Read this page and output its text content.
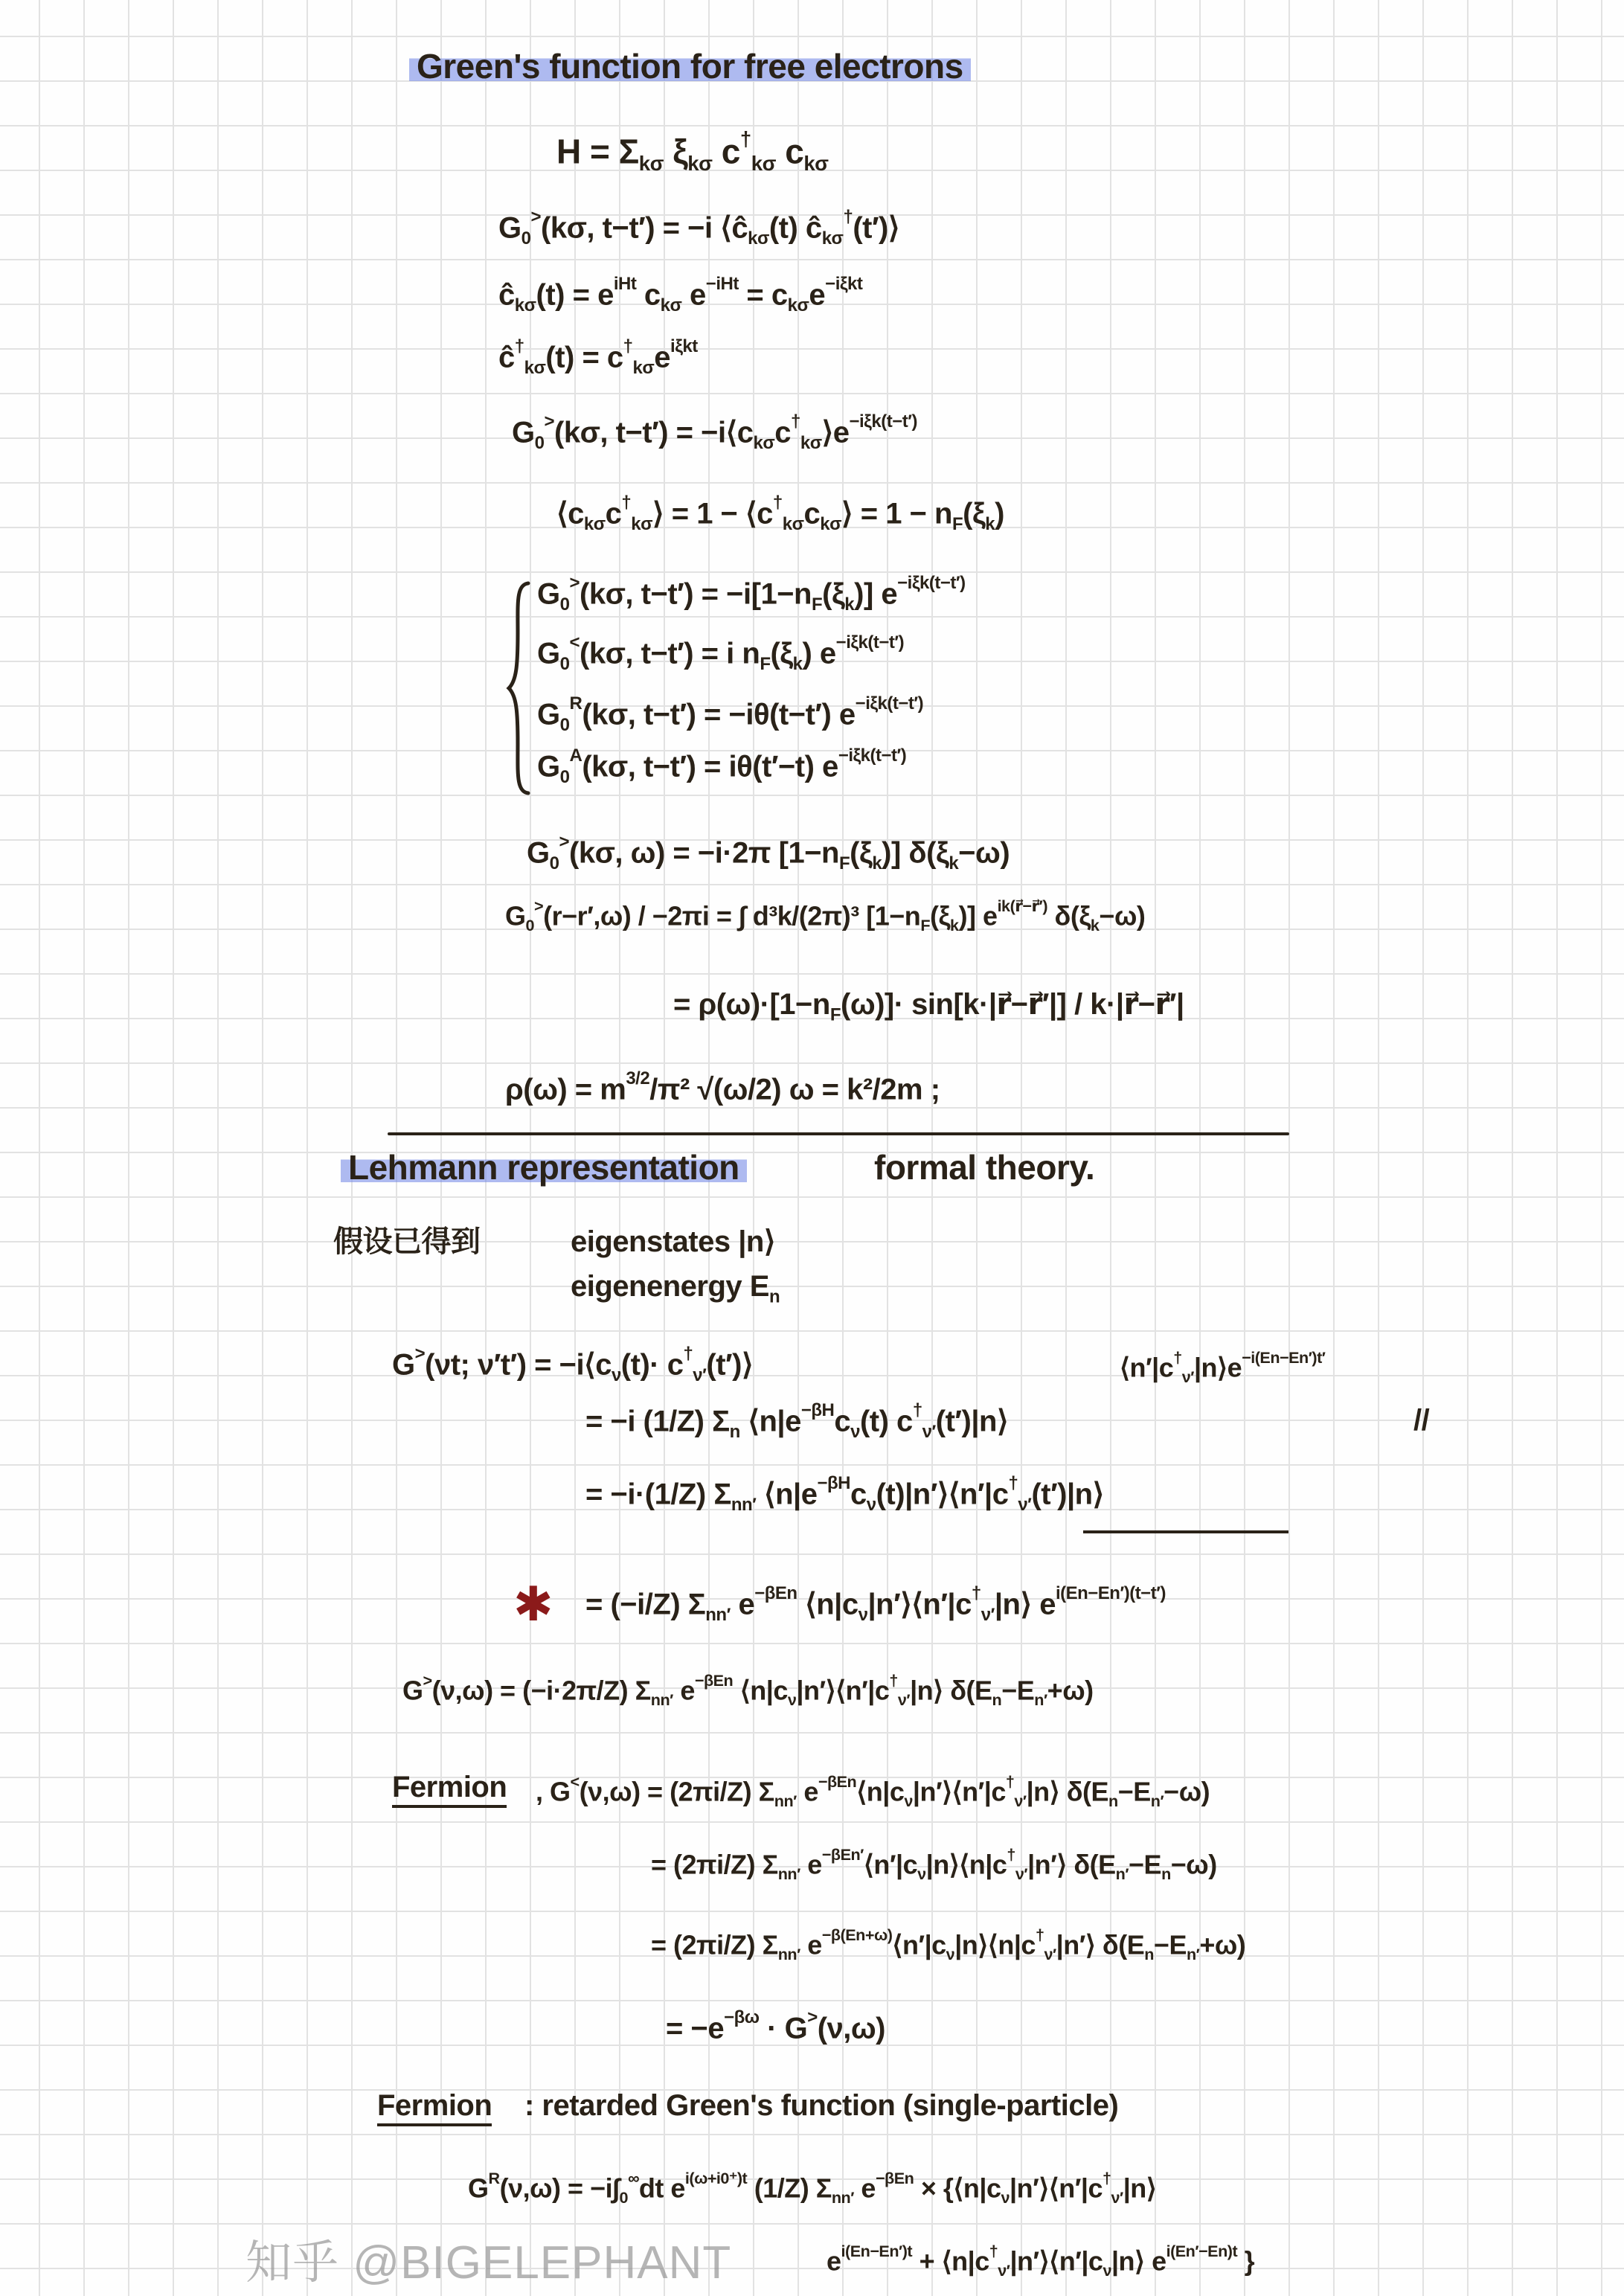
✱
Green's function for free electrons
$H = \Sigma_{k\sigma}$ $\xi_{k\sigma}$ $c^\dagger_{k\sigma}$ $c_{k\sigma}$
$G_0^>(k\sigma$, t−t′) = −i $⟨ĉ_{k\sigma}(t)$ $ĉ_{k\sigma}^\dagger(t')⟩$
$ĉ_{k\sigma}(t) = e^{iHt}$ $c_{k\sigma}$ $e^{-iHt} = c_{k\sigma}e^{-i\xi kt}$
$ĉ^\dagger_{k\sigma}(t) = c^\dagger_{k\sigma}e^{i\xi kt}$
$G_0^>(k\sigma$, $t-t') = -i⟨c_{k\sigma}c^\dagger_{k\sigma}⟩e^{-i\xi k(t-t')}$
$⟨c_{k\sigma}c^\dagger_{k\sigma}⟩ = 1$ − $⟨c^\dagger_{k\sigma}c_{k\sigma}⟩ = 1 - n_F(\xi_k)$
$G_0^>(k\sigma$, $t-t') = -i[1-n_F(\xi_k)]$ $e^{-i\xi k(t-t')}$
$G_0^<(k\sigma$, t−t′) = i $n_F(\xi_k)$ $e^{-i\xi k(t-t')}$
$G_0^R(k\sigma$, t−t′) = −iθ(t−t′) $e^{-i\xi k(t-t')}$
$G_0^A(k\sigma$, t−t′) = iθ(t′−t) $e^{-i\xi k(t-t')}$
$G_0^>(k\sigma$, ω) = −i·2π $[1-n_F(\xi_k)]$ $\delta(\xi_k-\omega)$
$G_0^>(r-r',\omega) / -2\pi i$ = ∫ d³k/(2π)³ $[1-n_F(\xi_k)]$ $e^{ik(r⃗-r⃗')}$ $\delta(\xi_k-\omega)$
= $\rho(\omega)\cdot[1-n_F(\omega)]\cdot$ sin[k·|r⃗−r⃗′|] / k·|r⃗−r⃗′|
$\rho(\omega) = m^{3/2}/\pi^2$ √(ω/2) ω = k²/2m ;
Lehmann representation	formal theory.
假设已得到	eigenstates |n⟩
eigenenergy $E_n$
G>(νt; $\nu't') = -i⟨c_\nu(t)\cdot$ $c^\dagger_{\nu'}(t')⟩$
= −i (1/Z) $\Sigma_n$ $⟨n|e^{-\beta H}c_\nu(t)$ $c^\dagger_{\nu'}(t')|n⟩$
$⟨n'|c^\dagger_{\nu'}|n⟩e^{-i(En-En')t'}$
//
= −i·(1/Z) $\Sigma_{nn'}$ $⟨n|e^{-\beta H}c_\nu(t)|n'⟩⟨n'|c^\dagger_{\nu'}(t')|n⟩$
= (−i/Z) $\Sigma_{nn'}$ $e^{-\beta En}$ $⟨n|c_\nu|n'⟩⟨n'|c^\dagger_{\nu'}|n⟩$ $e^{i(En-En')(t-t')}$
G>(ν,ω) = (−i·2π/Z) $\Sigma_{nn'}$ $e^{-\beta En}$ $⟨n|c_\nu|n'⟩⟨n'|c^\dagger_{\nu'}|n⟩$ $\delta(E_n-E_{n'}+\omega)$
Fermion , G<(ν,ω) = (2πi/Z) $\Sigma_{nn'}$ $e^{-\beta En}⟨n|c_\nu|n'⟩⟨n'|c^\dagger_{\nu'}|n⟩$ $\delta(E_n-E_{n'}-\omega)$
= (2πi/Z) $\Sigma_{nn'}$ $e^{-\beta En'}⟨n'|c_\nu|n⟩⟨n|c^\dagger_{\nu'}|n'⟩$ $\delta(E_{n'}-E_n-\omega)$
= (2πi/Z) $\Sigma_{nn'}$ $e^{-\beta(En+\omega)}⟨n'|c_\nu|n⟩⟨n|c^\dagger_{\nu'}|n'⟩$ $\delta(E_n-E_{n'}+\omega)$
= $-e^{-\beta\omega} \cdot G^>(\nu,\omega)$
Fermion : retarded Green's function (single-particle)
$G^R(\nu,\omega) = -i\int_0^\infty dt$ $e^{i(\omega+i0^+)t}$ (1/Z) $\Sigma_{nn'}$ $e^{-\beta En}$ × {$⟨n|c_\nu|n'⟩⟨n'|c^\dagger_{\nu'}|n⟩$
$e^{i(En-En')t}$ + $⟨n|c^\dagger_{\nu'}|n'⟩⟨n'|c_\nu|n⟩$ $e^{i(En'-En)t}$ }
知乎 @BIGELEPHANT
